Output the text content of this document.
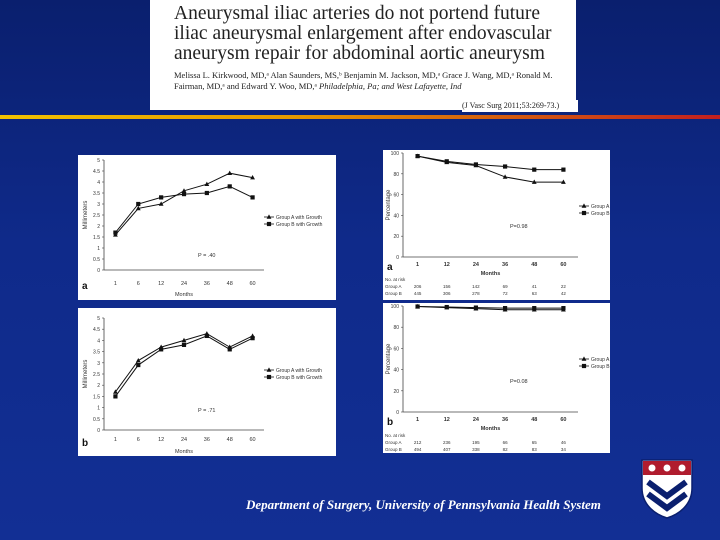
Aneurysmal iliac arteries do not portend future iliac aneurysmal enlargement after endovascular aneurysm repair for abdominal aortic aneurysm
Melissa L. Kirkwood, MD,ᵃ Alan Saunders, MS,ᵇ Benjamin M. Jackson, MD,ᵃ Grace J. Wang, MD,ᵃ Ronald M. Fairman, MD,ᵃ and Edward Y. Woo, MD,ᵃ Philadelphia, Pa; and West Lafayette, Ind
(J Vasc Surg 2011;53:269-73.)
0
0.5
1
1.5
2
2.5
3
3.5
4
4.5
5
1	6	12	24	36	48	60
Months
Millimeters	Group A with Growth
Group B with Growth
P = .40
a
0
0.5
1
1.5
2
2.5
3
3.5
4
4.5
5
1	6	12	24	36	48	60
Months
Millimeters	Group A with Growth
Group B with Growth
P = .71
b
0
20
40
60
80
100
1	12	24	36	48	60
Months
Percentage	Group A
Group B
P=0.98
a
No. at risk
Group A	206	156	142	69	41	22
Group B	445	306	278	72	63	42
0
20
40
60
80
100
1	12	24	36	48	60
Months
Percentage	Group A
Group B
P=0.08
b
No. at risk
Group A	212	236	195	66	65	46
Group B	494	407	338	82	83	34
Department of Surgery, University of Pennsylvania Health System
